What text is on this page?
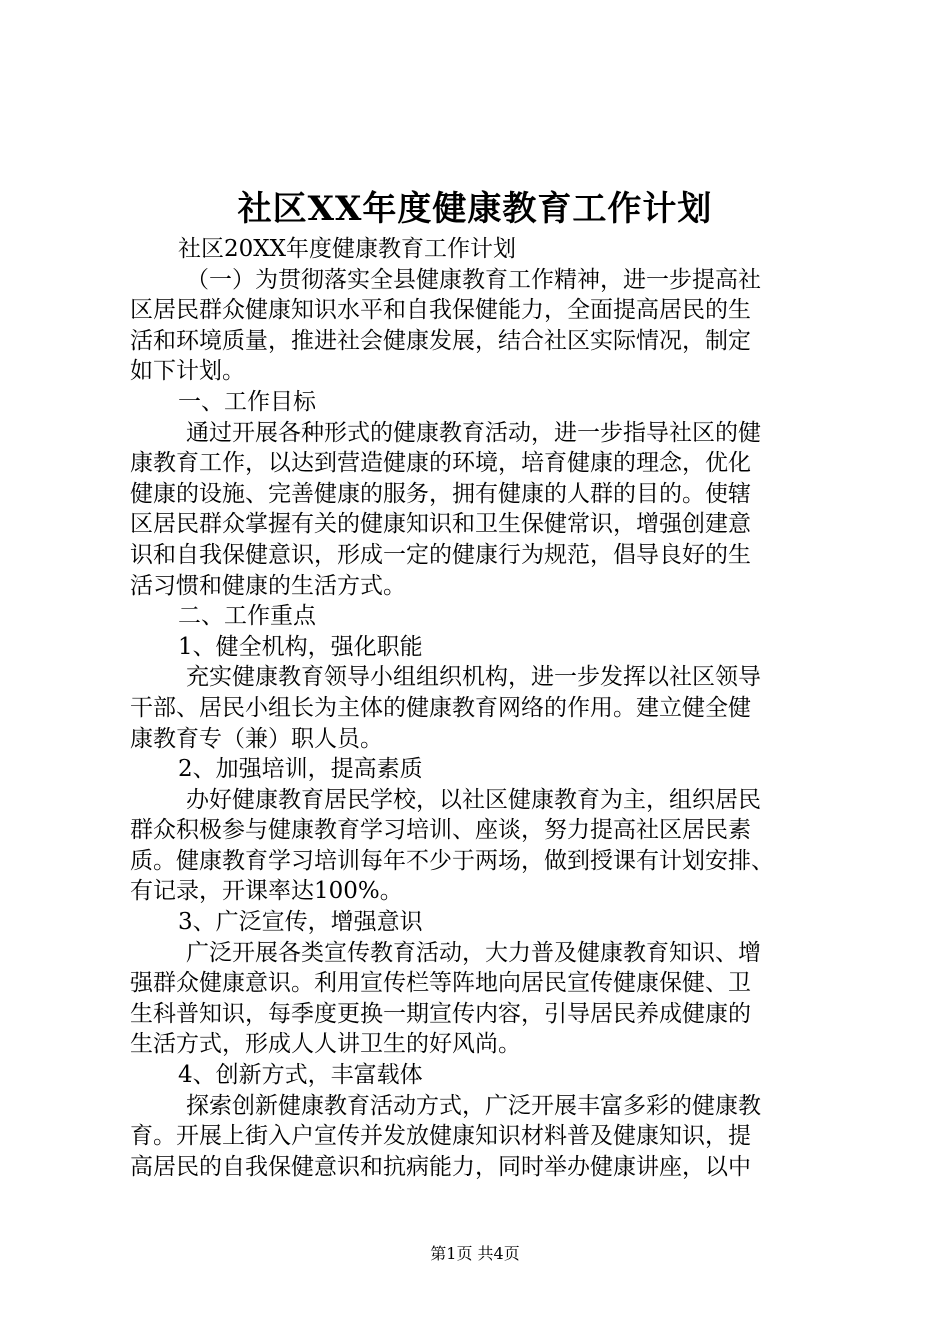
社区XX年度健康教育工作计划
社区20XX年度健康教育工作计划
（一）为贯彻落实全县健康教育工作精神，进一步提高社
区居民群众健康知识水平和自我保健能力，全面提高居民的生
活和环境质量，推进社会健康发展，结合社区实际情况，制定
如下计划。
一、工作目标
通过开展各种形式的健康教育活动，进一步指导社区的健
康教育工作，以达到营造健康的环境，培育健康的理念，优化
健康的设施、完善健康的服务，拥有健康的人群的目的。使辖
区居民群众掌握有关的健康知识和卫生保健常识，增强创建意
识和自我保健意识，形成一定的健康行为规范，倡导良好的生
活习惯和健康的生活方式。
二、工作重点
1、健全机构，强化职能
充实健康教育领导小组组织机构，进一步发挥以社区领导
干部、居民小组长为主体的健康教育网络的作用。建立健全健
康教育专（兼）职人员。
2、加强培训，提高素质
办好健康教育居民学校，以社区健康教育为主，组织居民
群众积极参与健康教育学习培训、座谈，努力提高社区居民素
质。健康教育学习培训每年不少于两场，做到授课有计划安排、
有记录，开课率达100%。
3、广泛宣传，增强意识
广泛开展各类宣传教育活动，大力普及健康教育知识、增
强群众健康意识。利用宣传栏等阵地向居民宣传健康保健、卫
生科普知识，每季度更换一期宣传内容，引导居民养成健康的
生活方式，形成人人讲卫生的好风尚。
4、创新方式，丰富载体
探索创新健康教育活动方式，广泛开展丰富多彩的健康教
育。开展上街入户宣传并发放健康知识材料普及健康知识，提
高居民的自我保健意识和抗病能力，同时举办健康讲座，以中
第1页 共4页
